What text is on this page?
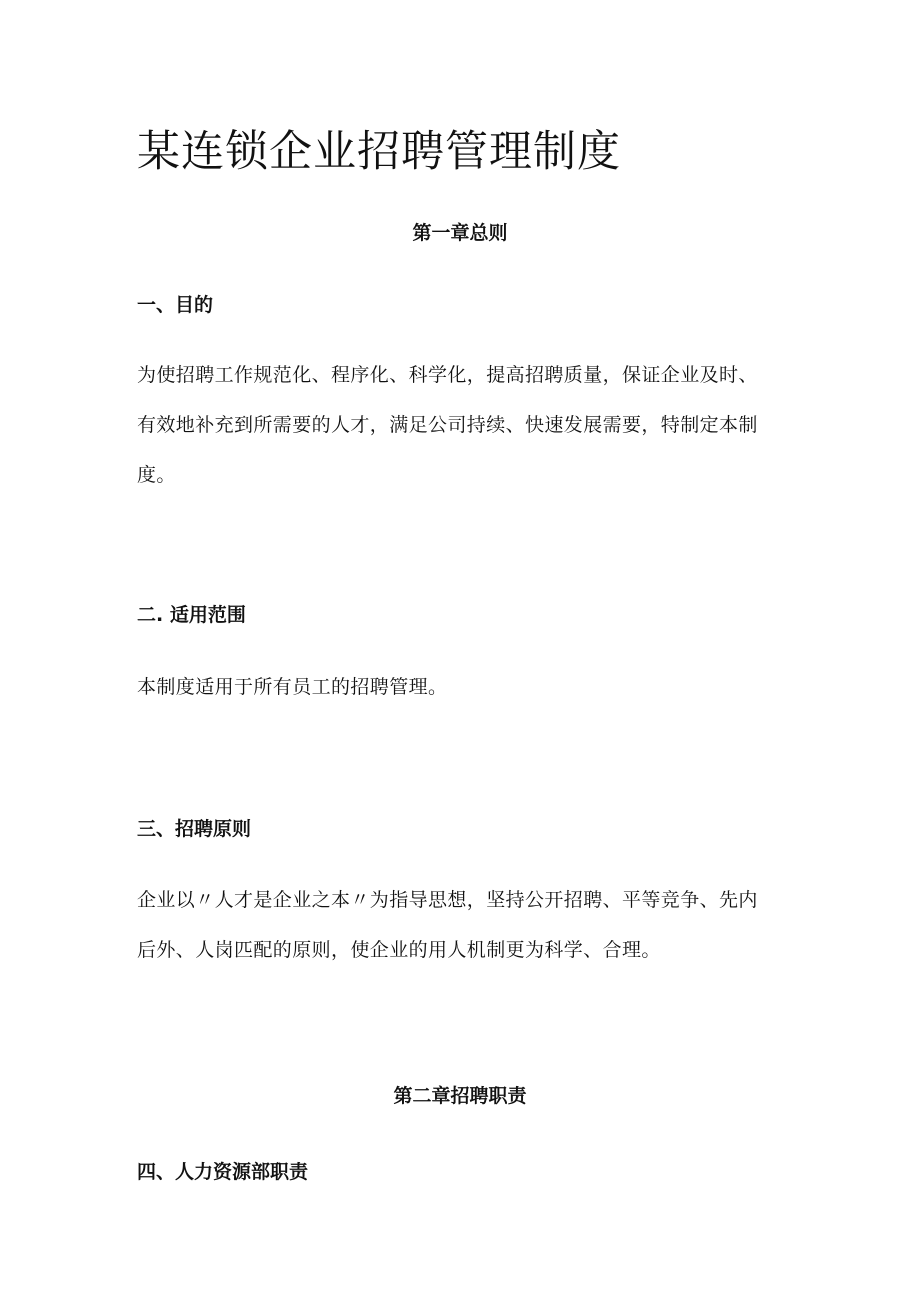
某连锁企业招聘管理制度
第一章总则
一、目的

为使招聘工作规范化、程序化、科学化，提高招聘质量，保证企业及时、
有效地补充到所需要的人才，满足公司持续、快速发展需要，特制定本制
度。

二. 适用范围

本制度适用于所有员工的招聘管理。

三、招聘原则

企业以〃人才是企业之本〃为指导思想，坚持公开招聘、平等竞争、先内
后外、人岗匹配的原则，使企业的用人机制更为科学、合理。

第二章招聘职责
四、人力资源部职责
